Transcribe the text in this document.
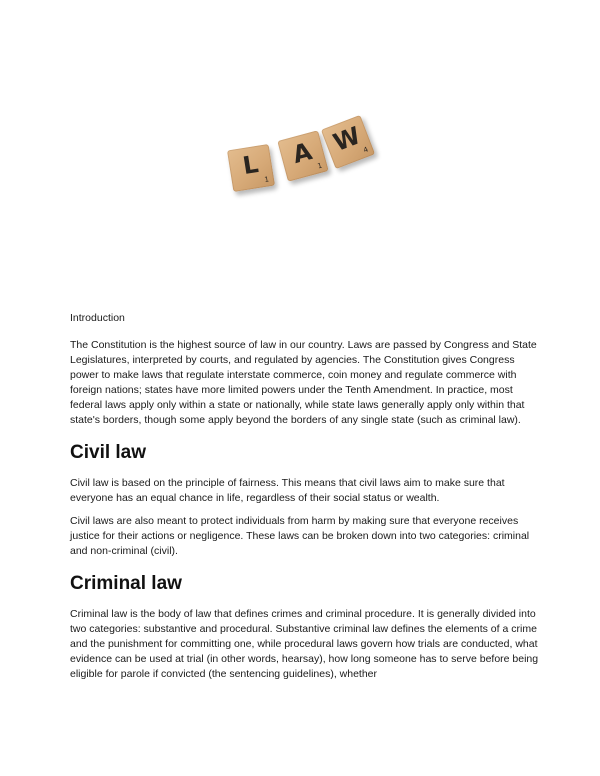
L 1
A 1
W
4

Introduction

The Constitution is the highest source of law in our country. Laws are passed by Congress and State Legislatures, interpreted by courts, and regulated by agencies. The Constitution gives Congress power to make laws that regulate interstate commerce, coin money and regulate commerce with foreign nations; states have more limited powers under the Tenth Amendment. In practice, most federal laws apply only within a state or nationally, while state laws generally apply only within that state's borders, though some apply beyond the borders of any single state (such as criminal law).

Civil law

Civil law is based on the principle of fairness. This means that civil laws aim to make sure that everyone has an equal chance in life, regardless of their social status or wealth.

Civil laws are also meant to protect individuals from harm by making sure that everyone receives justice for their actions or negligence. These laws can be broken down into two categories: criminal and non-criminal (civil).

Criminal law

Criminal law is the body of law that defines crimes and criminal procedure. It is generally divided into two categories: substantive and procedural. Substantive criminal law defines the elements of a crime and the punishment for committing one, while procedural laws govern how trials are conducted, what evidence can be used at trial (in other words, hearsay), how long someone has to serve before being eligible for parole if convicted (the sentencing guidelines), whether
